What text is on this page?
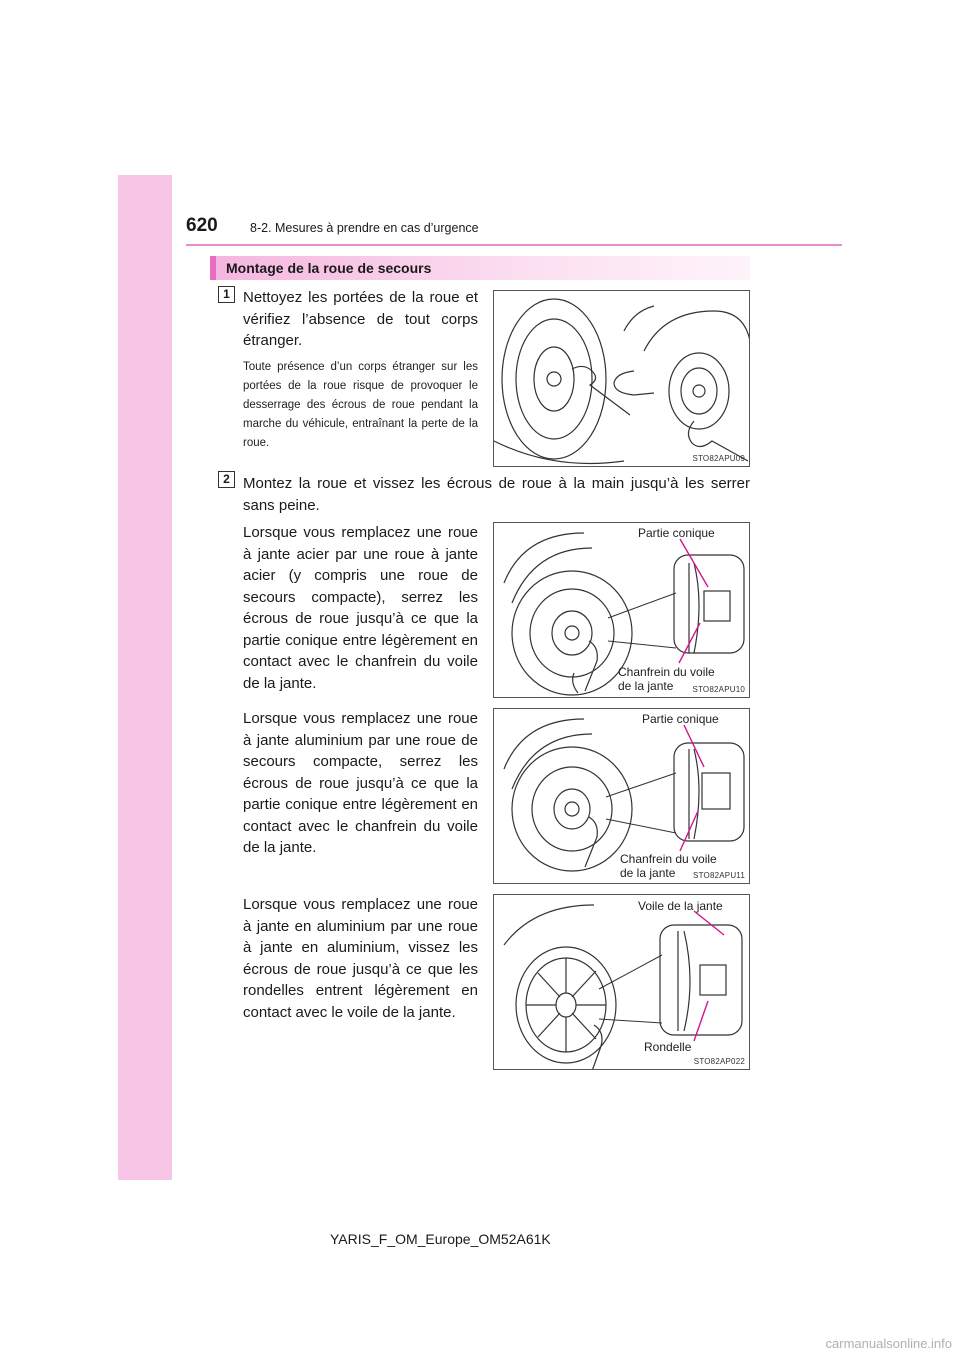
620	8-2. Mesures à prendre en cas d’urgence
Montage de la roue de secours
1 Nettoyez les portées de la roue et vérifiez l’absence de tout corps étranger.
Toute présence d’un corps étranger sur les portées de la roue risque de provoquer le desserrage des écrous de roue pendant la marche du véhicule, entraînant la perte de la roue.
STO82APU09
2 Montez la roue et vissez les écrous de roue à la main jusqu’à les serrer sans peine.
Lorsque vous remplacez une roue à jante acier par une roue à jante acier (y compris une roue de secours compacte), serrez les écrous de roue jusqu’à ce que la partie conique entre légèrement en contact avec le chanfrein du voile de la jante.
Partie conique
Chanfrein du voile
de la jante STO82APU10
Lorsque vous remplacez une roue à jante aluminium par une roue de secours compacte, serrez les écrous de roue jusqu’à ce que la partie conique entre légèrement en contact avec le chanfrein du voile de la jante.
Partie conique
Chanfrein du voile
de la jante STO82APU11
Lorsque vous remplacez une roue à jante en aluminium par une roue à jante en aluminium, vissez les écrous de roue jusqu’à ce que les rondelles entrent légèrement en contact avec le voile de la jante.
Voile de la jante
Rondelle
STO82AP022
YARIS_F_OM_Europe_OM52A61K
carmanualsonline.info
